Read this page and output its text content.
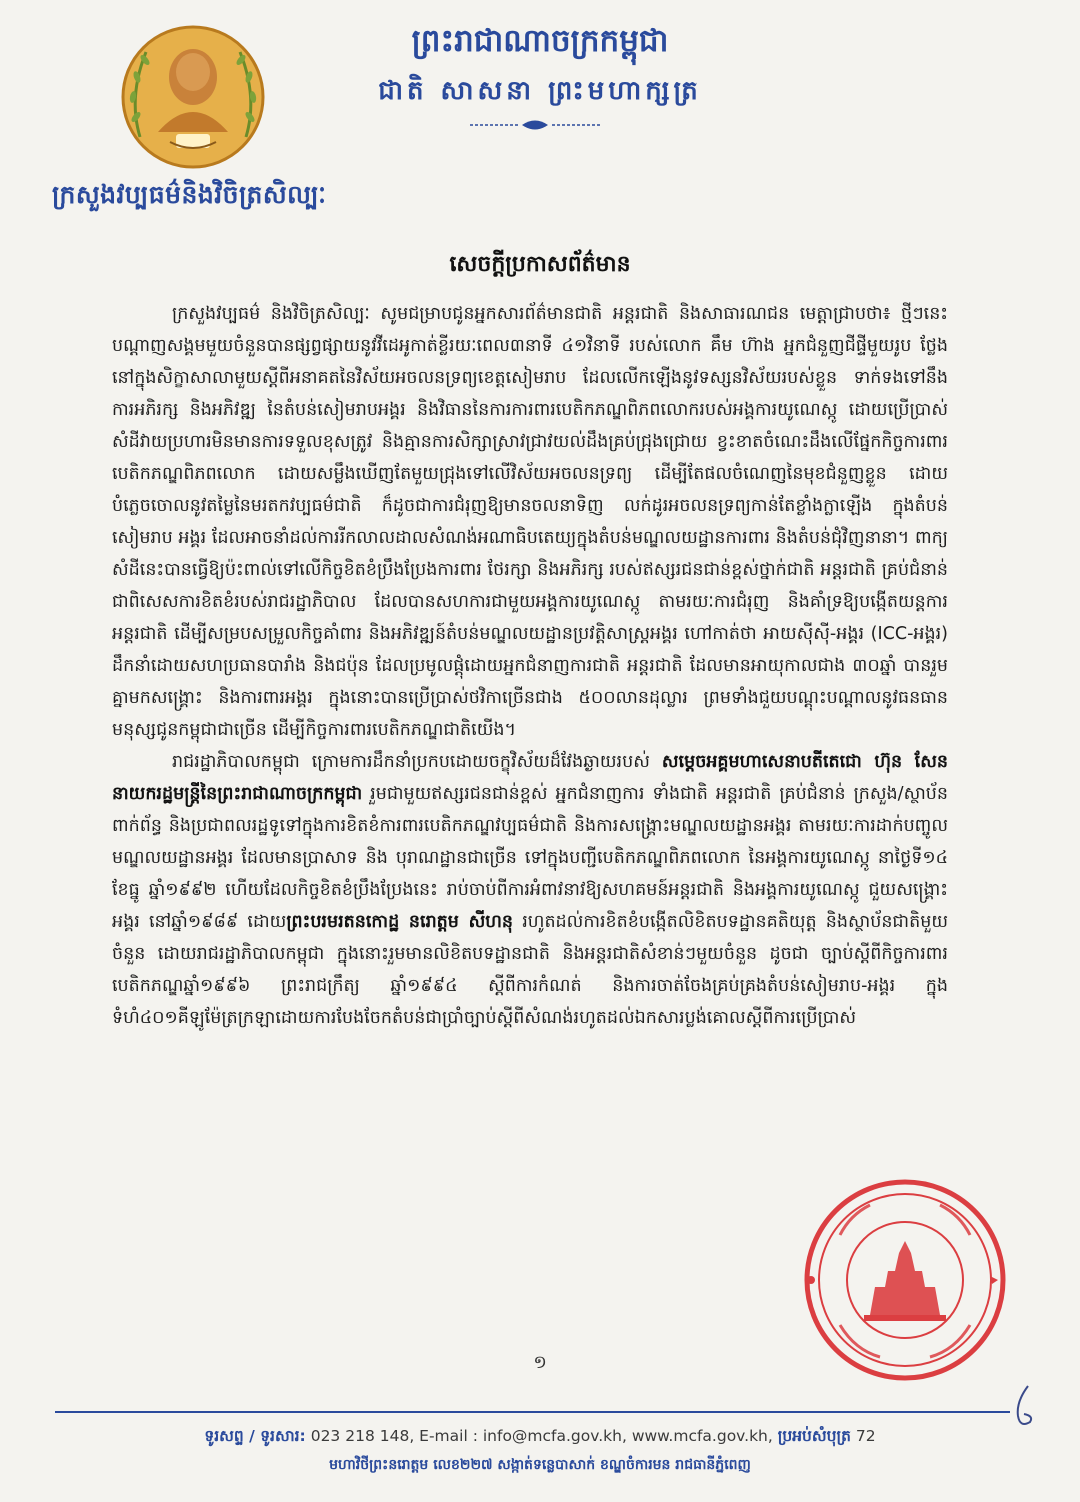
ក្រសួងវប្បធម៌និងវិចិត្រសិល្បៈ
ព្រះរាជាណាចក្រកម្ពុជា
ជាតិ សាសនា ព្រះមហាក្សត្រ
សេចក្ដីប្រកាសព័ត៌មាន

ក្រសួងវប្បធម៌ និងវិចិត្រសិល្បៈ សូមជម្រាបជូនអ្នកសារព័ត៌មានជាតិ អន្តរជាតិ និងសាធារណជន មេត្តាជ្រាបថា៖ ថ្មីៗនេះ បណ្ដាញសង្គមមួយចំនួនបានផ្សព្វផ្សាយនូវវីដេអូកាត់ខ្លីរយៈពេល៣នាទី ៤១វិនាទី របស់លោក គឹម ហ៊ាង អ្នកជំនួញជីផ្ទីមួយរូប ថ្លែងនៅក្នុងសិក្ខាសាលាមួយស្ដីពីអនាគតនៃវិស័យអចលនទ្រព្យខេត្តសៀមរាប ដែលលើកឡើងនូវទស្សនវិស័យរបស់ខ្លួន ទាក់ទងទៅនឹងការអភិរក្ស និងអភិវឌ្ឍ នៃតំបន់សៀមរាបអង្គរ និងវិធាននៃការការពារបេតិកភណ្ឌពិភពលោករបស់អង្គការយូណេស្កូ ដោយប្រើប្រាស់សំដីវាយប្រហារមិនមានការទទួលខុសត្រូវ និងគ្មានការសិក្សាស្រាវជ្រាវយល់ដឹងគ្រប់ជ្រុងជ្រោយ ខ្វះខាតចំណេះដឹងលើផ្នែកកិច្ចការពារបេតិកភណ្ឌពិភពលោក ដោយសម្លឹងឃើញតែមួយជ្រុងទៅលើវិស័យអចលនទ្រព្យ ដើម្បីតែផលចំណេញនៃមុខជំនួញខ្លួន ដោយបំភ្លេចចោលនូវតម្លៃនៃមរតកវប្បធម៌ជាតិ ក៏ដូចជាការជំរុញឱ្យមានចលនាទិញ លក់ដូរអចលនទ្រព្យកាន់តែខ្លាំងក្លាឡើង ក្នុងតំបន់សៀមរាប អង្គរ ដែលអាចនាំដល់ការរីកលាលដាលសំណង់អណាធិបតេយ្យក្នុងតំបន់មណ្ឌលយដ្ឋានការពារ និងតំបន់ជុំវិញនានា។ ពាក្យសំដីនេះបានធ្វើឱ្យប៉ះពាល់ទៅលើកិច្ចខិតខំប្រឹងប្រែងការពារ ថែរក្សា និងអភិរក្ស របស់ឥស្សរជនជាន់ខ្ពស់ថ្នាក់ជាតិ អន្តរជាតិ គ្រប់ជំនាន់ ជាពិសេសការខិតខំរបស់រាជរដ្ឋាភិបាល ដែលបានសហការជាមួយអង្គការយូណេស្កូ តាមរយៈការជំរុញ និងគាំទ្រឱ្យបង្កើតយន្តការអន្តរជាតិ ដើម្បីសម្របសម្រួលកិច្ចគាំពារ និងអភិវឌ្ឍន៍តំបន់មណ្ឌលយដ្ឋានប្រវត្តិសាស្ត្រអង្គរ ហៅកាត់ថា អាយស៊ីស៊ី-អង្គរ (ICC-អង្គរ) ដឹកនាំដោយសហប្រធានបារាំង និងជប៉ុន ដែលប្រមូលផ្តុំដោយអ្នកជំនាញការជាតិ អន្តរជាតិ ដែលមានអាយុកាលជាង ៣០ឆ្នាំ បានរួមគ្នាមកសង្គ្រោះ និងការពារអង្គរ ក្នុងនោះបានប្រើប្រាស់ថវិកាច្រើនជាង ៥០០លានដុល្លារ ព្រមទាំងជួយបណ្ដុះបណ្ដាលនូវធនធានមនុស្សជូនកម្ពុជាជាច្រើន ដើម្បីកិច្ចការពារបេតិកភណ្ឌជាតិយើង។

រាជរដ្ឋាភិបាលកម្ពុជា ក្រោមការដឹកនាំប្រកបដោយចក្ខុវិស័យដ៏វែងឆ្ងាយរបស់ សម្ដេចអគ្គមហាសេនាបតីតេជោ ហ៊ុន សែន នាយករដ្ឋមន្ត្រីនៃព្រះរាជាណាចក្រកម្ពុជា រួមជាមួយឥស្សរជនជាន់ខ្ពស់ អ្នកជំនាញការ ទាំងជាតិ អន្តរជាតិ គ្រប់ជំនាន់ ក្រសួង/ស្ថាប័នពាក់ព័ន្ធ និងប្រជាពលរដ្ឋទូទៅក្នុងការខិតខំការពារបេតិកភណ្ឌវប្បធម៌ជាតិ និងការសង្គ្រោះមណ្ឌលយដ្ឋានអង្គរ តាមរយៈការដាក់បញ្ចូលមណ្ឌលយដ្ឋានអង្គរ ដែលមានប្រាសាទ និង បុរាណដ្ឋានជាច្រើន ទៅក្នុងបញ្ជីបេតិកភណ្ឌពិភពលោក នៃអង្គការយូណេស្កូ នាថ្ងៃទី១៤ ខែធ្នូ ឆ្នាំ១៩៩២ ហើយដែលកិច្ចខិតខំប្រឹងប្រែងនេះ រាប់ចាប់ពីការអំពាវនាវឱ្យសហគមន៍អន្តរជាតិ និងអង្គការយូណេស្កូ ជួយសង្គ្រោះអង្គរ នៅឆ្នាំ១៩៨៩ ដោយព្រះបរមរតនកោដ្ឋ នរោត្តម សីហនុ រហូតដល់ការខិតខំបង្កើតលិខិតបទដ្ឋានគតិយុត្ត និងស្ថាប័នជាតិមួយចំនួន ដោយរាជរដ្ឋាភិបាលកម្ពុជា ក្នុងនោះរួមមានលិខិតបទដ្ឋានជាតិ និងអន្តរជាតិសំខាន់ៗមួយចំនួន ដូចជា ច្បាប់ស្ដីពីកិច្ចការពារបេតិកភណ្ឌឆ្នាំ១៩៩៦ ព្រះរាជក្រឹត្យ ឆ្នាំ១៩៩៤ ស្ដីពីការកំណត់ និងការចាត់ចែងគ្រប់គ្រងតំបន់សៀមរាប-អង្គរ ក្នុងទំហំ៤០១គីឡូម៉ែត្រក្រឡាដោយការបែងចែកតំបន់ជាប្រាំច្បាប់ស្ដីពីសំណង់រហូតដល់ឯកសារប្លង់គោលស្ដីពីការប្រើប្រាស់

១
ទូរសព្ទ / ទូរសារ: 023 218 148, E-mail : info@mcfa.gov.kh, www.mcfa.gov.kh, ប្រអប់សំបុត្រ 72
មហាវិថីព្រះនរោត្តម លេខ២២៧ សង្កាត់ទន្លេបាសាក់ ខណ្ឌចំការមន រាជធានីភ្នំពេញ
